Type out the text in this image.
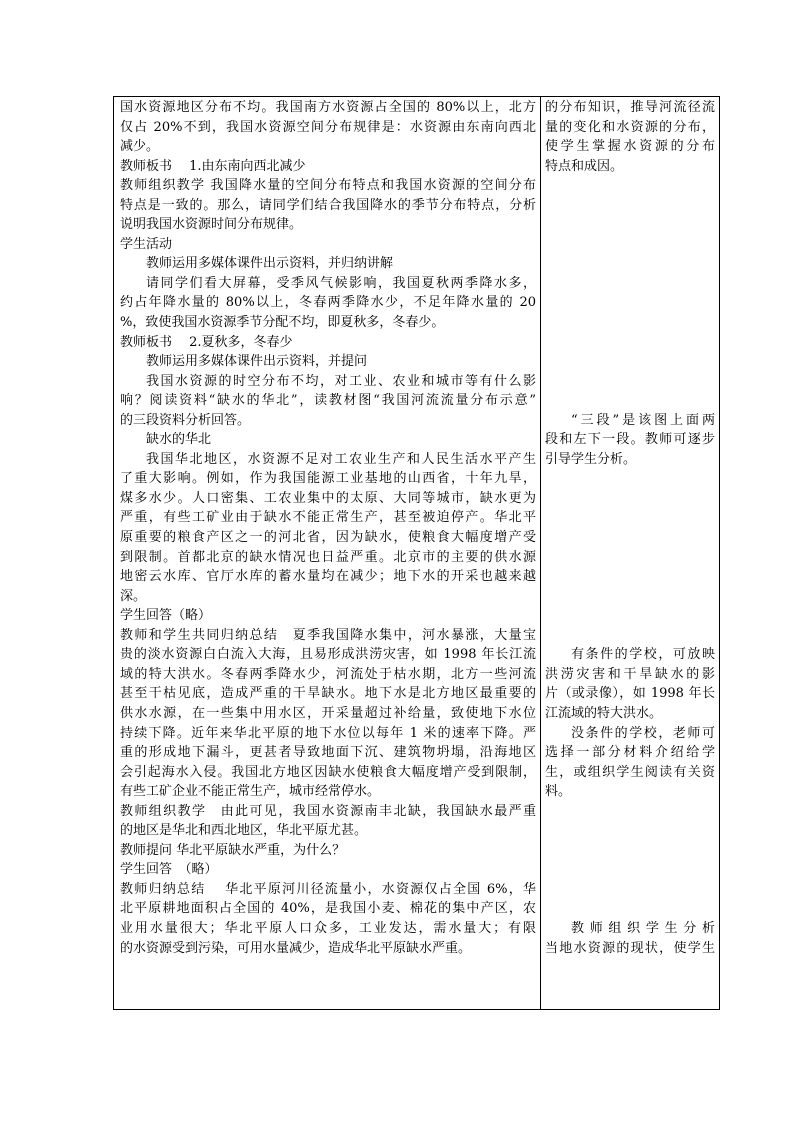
国水资源地区分布不均。我国南方水资源占全国的 80%以上，北方
仅占 20%不到，我国水资源空间分布规律是：水资源由东南向西北
减少。
教师板书　 1.由东南向西北减少
教师组织教学 我国降水量的空间分布特点和我国水资源的空间分布
特点是一致的。那么，请同学们结合我国降水的季节分布特点，分析
说明我国水资源时间分布规律。
学生活动
教师运用多媒体课件出示资料，并归纳讲解
请同学们看大屏幕，受季风气候影响，我国夏秋两季降水多，
约占年降水量的 80%以上，冬春两季降水少，不足年降水量的 20
%，致使我国水资源季节分配不均，即夏秋多，冬春少。
教师板书　 2.夏秋多，冬春少
教师运用多媒体课件出示资料，并提问
我国水资源的时空分布不均，对工业、农业和城市等有什么影
响？阅读资料“缺水的华北”，读教材图“我国河流流量分布示意”
的三段资料分析回答。
缺水的华北
我国华北地区，水资源不足对工农业生产和人民生活水平产生
了重大影响。例如，作为我国能源工业基地的山西省，十年九旱，
煤多水少。人口密集、工农业集中的太原、大同等城市，缺水更为
严重，有些工矿业由于缺水不能正常生产，甚至被迫停产。华北平
原重要的粮食产区之一的河北省，因为缺水，使粮食大幅度增产受
到限制。首都北京的缺水情况也日益严重。北京市的主要的供水源
地密云水库、官厅水库的蓄水量均在减少；地下水的开采也越来越
深。
学生回答（略）
教师和学生共同归纳总结　夏季我国降水集中，河水暴涨，大量宝
贵的淡水资源白白流入大海，且易形成洪涝灾害，如 1998 年长江流
域的特大洪水。冬春两季降水少，河流处于枯水期，北方一些河流
甚至干枯见底，造成严重的干旱缺水。地下水是北方地区最重要的
供水水源，在一些集中用水区，开采量超过补给量，致使地下水位
持续下降。近年来华北平原的地下水位以每年 1 米的速率下降。严
重的形成地下漏斗，更甚者导致地面下沉、建筑物坍塌，沿海地区
会引起海水入侵。我国北方地区因缺水使粮食大幅度增产受到限制，
有些工矿企业不能正常生产，城市经常停水。
教师组织教学　由此可见，我国水资源南丰北缺，我国缺水最严重
的地区是华北和西北地区，华北平原尤甚。
教师提问 华北平原缺水严重，为什么？
学生回答　（略）
教师归纳总结　 华北平原河川径流量小，水资源仅占全国 6%，华
北平原耕地面积占全国的 40%，是我国小麦、棉花的集中产区，农
业用水量很大；华北平原人口众多，工业发达，需水量大；有限
的水资源受到污染，可用水量减少，造成华北平原缺水严重。
的分布知识，推导河流径流
量的变化和水资源的分布，
使学生掌握水资源的分布
特点和成因。
“三段”是该图上面两
段和左下一段。教师可逐步
引导学生分析。
有条件的学校，可放映
洪涝灾害和干旱缺水的影
片（或录像），如 1998 年长
江流域的特大洪水。
没条件的学校，老师可
选择一部分材料介绍给学
生，或组织学生阅读有关资
料。
教师组织学生分析
当地水资源的现状，使学生
